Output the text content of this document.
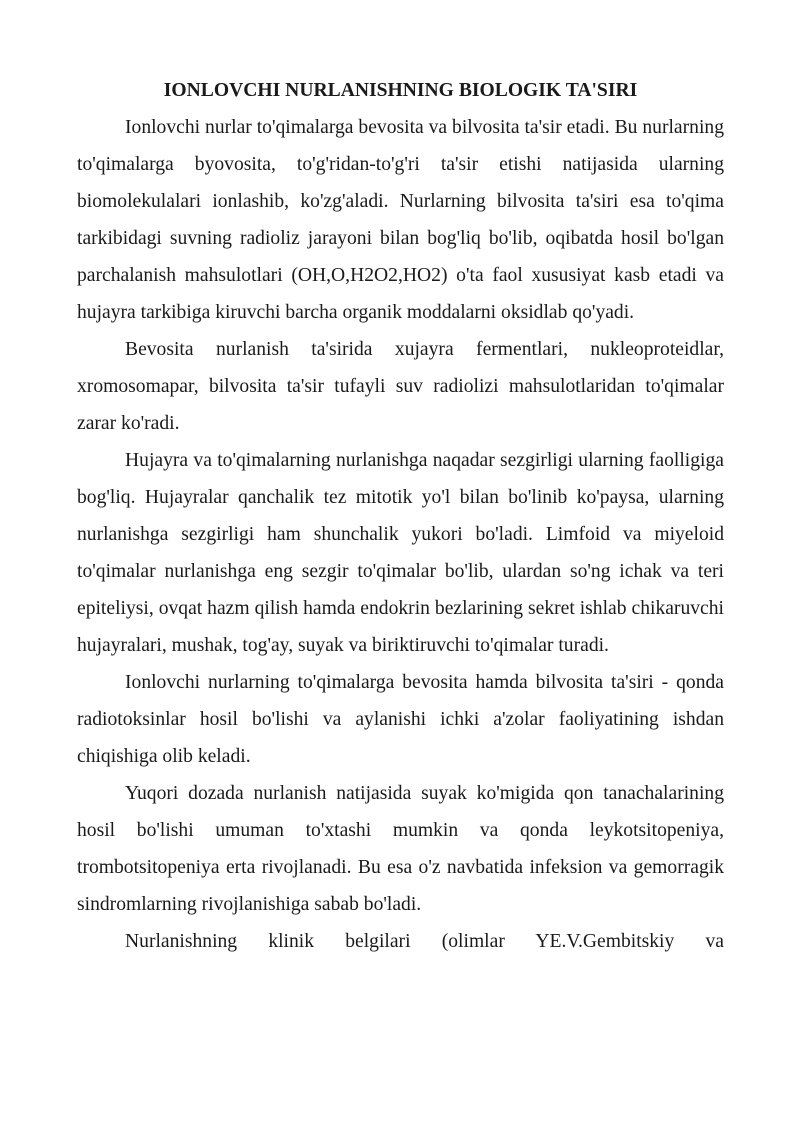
IONLOVCHI NURLANISHNING BIOLOGIK TA'SIRI

Ionlovchi nurlar to'qimalarga bevosita va bilvosita ta'sir etadi. Bu nurlarning to'qimalarga byovosita, to'g'ridan-to'g'ri ta'sir etishi natijasida ularning biomolekulalari ionlashib, ko'zg'aladi. Nurlarning bilvosita ta'siri esa to'qima tarkibidagi suvning radioliz jarayoni bilan bog'liq bo'lib, oqibatda hosil bo'lgan parchalanish mahsulotlari (OH,O,H2O2,HO2) o'ta faol xususiyat kasb etadi va hujayra tarkibiga kiruvchi barcha organik moddalarni oksidlab qo'yadi.

Bevosita nurlanish ta'sirida xujayra fermentlari, nukleoproteidlar, xromosomapar, bilvosita ta'sir tufayli suv radiolizi mahsulotlaridan to'qimalar zarar ko'radi.

Hujayra va to'qimalarning nurlanishga naqadar sezgirligi ularning faolligiga bog'liq. Hujayralar qanchalik tez mitotik yo'l bilan bo'linib ko'paysa, ularning nurlanishga sezgirligi ham shunchalik yukori bo'ladi. Limfoid va miyeloid to'qimalar nurlanishga eng sezgir to'qimalar bo'lib, ulardan so'ng ichak va teri epiteliysi, ovqat hazm qilish hamda endokrin bezlarining sekret ishlab chikaruvchi hujayralari, mushak, tog'ay, suyak va biriktiruvchi to'qimalar turadi.

Ionlovchi nurlarning to'qimalarga bevosita hamda bilvosita ta'siri - qonda radiotoksinlar hosil bo'lishi va aylanishi ichki a'zolar faoliyatining ishdan chiqishiga olib keladi.

Yuqori dozada nurlanish natijasida suyak ko'migida qon tanachalarining hosil bo'lishi umuman to'xtashi mumkin va qonda leykotsitopeniya, trombotsitopeniya erta rivojlanadi. Bu esa o'z navbatida infeksion va gemorragik sindromlarning rivojlanishiga sabab bo'ladi.

Nurlanishning klinik belgilari (olimlar YE.V.Gembitskiy va
